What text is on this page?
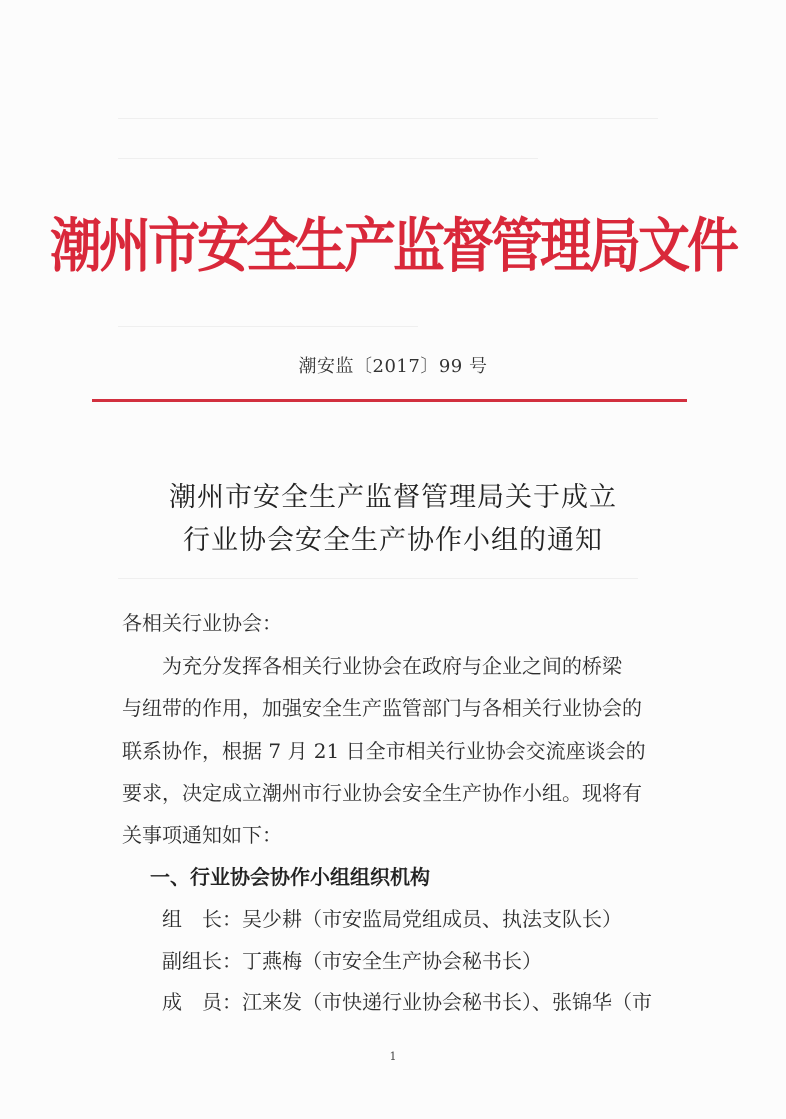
潮州市安全生产监督管理局文件
潮安监〔2017〕99 号
潮州市安全生产监督管理局关于成立
行业协会安全生产协作小组的通知
各相关行业协会：
为充分发挥各相关行业协会在政府与企业之间的桥梁
与纽带的作用，加强安全生产监管部门与各相关行业协会的
联系协作，根据 7 月 21 日全市相关行业协会交流座谈会的
要求，决定成立潮州市行业协会安全生产协作小组。现将有
关事项通知如下：
一、行业协会协作小组组织机构
组　长：吴少耕（市安监局党组成员、执法支队长）
副组长：丁燕梅（市安全生产协会秘书长）
成　员：江来发（市快递行业协会秘书长）、张锦华（市
1
